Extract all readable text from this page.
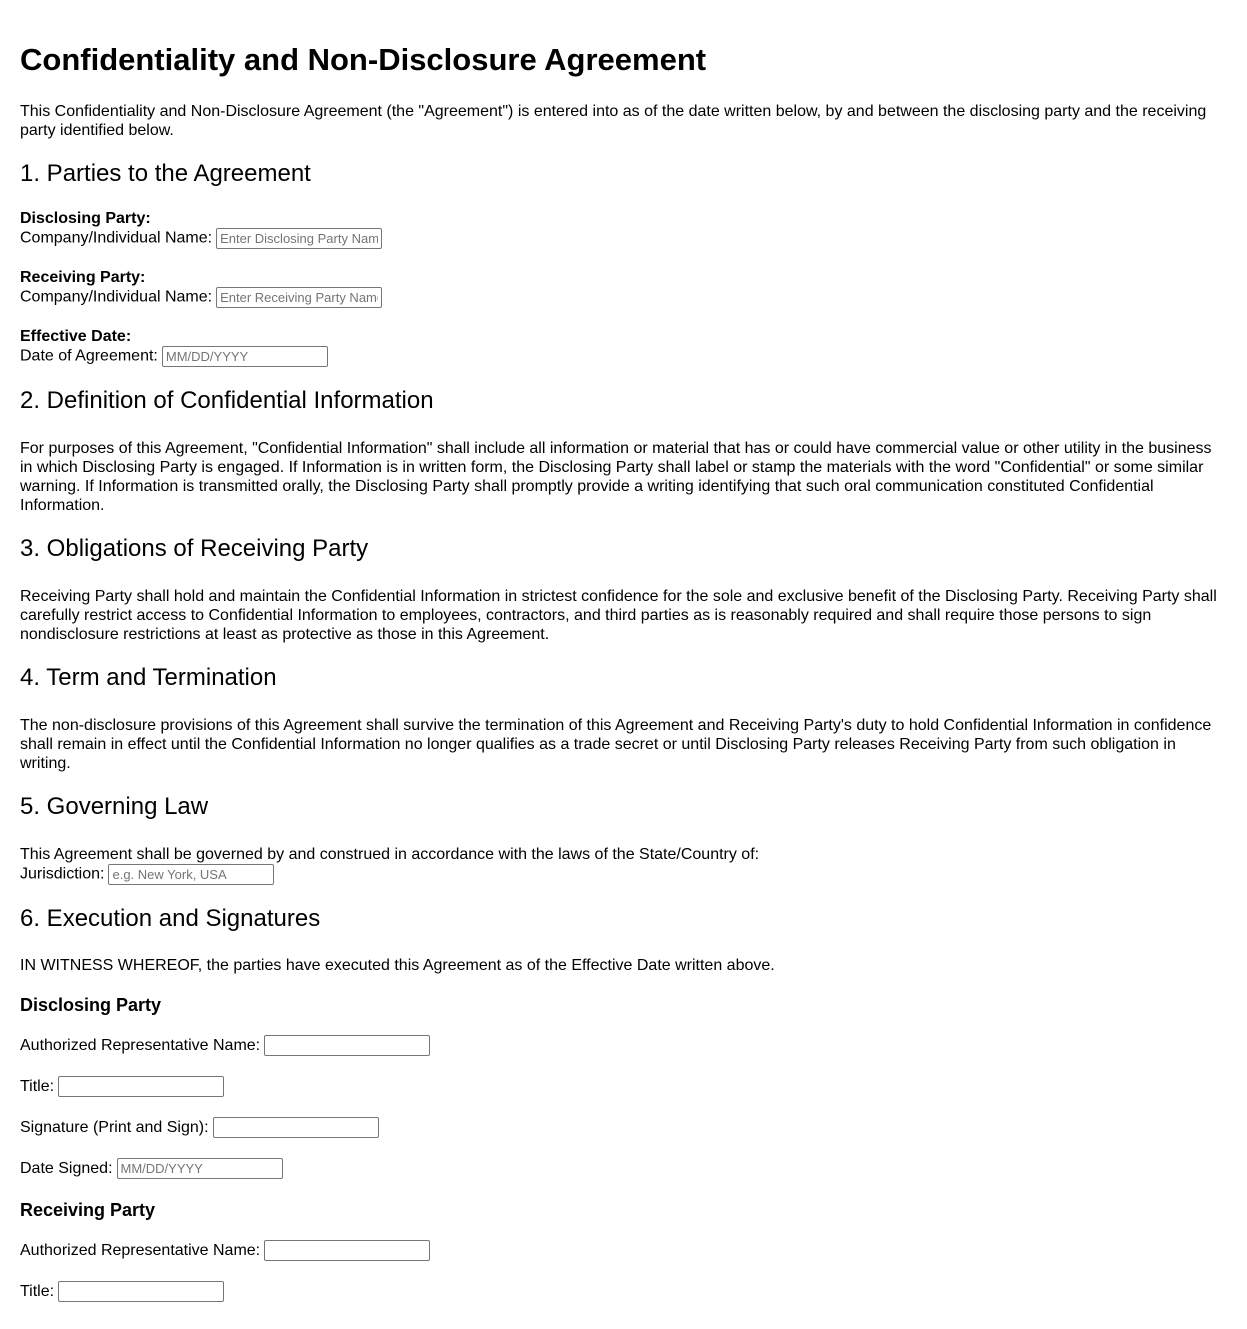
Confidentiality and Non-Disclosure Agreement

This Confidentiality and Non-Disclosure Agreement (the "Agreement") is entered into as of the date written below, by and between the disclosing party and the receiving party identified below.

1. Parties to the Agreement
Disclosing Party:
Company/Individual Name:Enter Disclosing Party Name
Receiving Party:
Company/Individual Name:Enter Receiving Party Name
Effective Date:
Date of Agreement:MM/DD/YYYY
2. Definition of Confidential Information

For purposes of this Agreement, "Confidential Information" shall include all information or material that has or could have commercial value or other utility in the business in which Disclosing Party is engaged. If Information is in written form, the Disclosing Party shall label or stamp the materials with the word "Confidential" or some similar warning. If Information is transmitted orally, the Disclosing Party shall promptly provide a writing identifying that such oral communication constituted Confidential Information.

3. Obligations of Receiving Party

Receiving Party shall hold and maintain the Confidential Information in strictest confidence for the sole and exclusive benefit of the Disclosing Party. Receiving Party shall carefully restrict access to Confidential Information to employees, contractors, and third parties as is reasonably required and shall require those persons to sign nondisclosure restrictions at least as protective as those in this Agreement.

4. Term and Termination

The non-disclosure provisions of this Agreement shall survive the termination of this Agreement and Receiving Party's duty to hold Confidential Information in confidence shall remain in effect until the Confidential Information no longer qualifies as a trade secret or until Disclosing Party releases Receiving Party from such obligation in writing.

5. Governing Law
This Agreement shall be governed by and construed in accordance with the laws of the State/Country of:
Jurisdiction:e.g. New York, USA
6. Execution and Signatures

IN WITNESS WHEREOF, the parties have executed this Agreement as of the Effective Date written above.

Disclosing Party
Authorized Representative Name:
Title:
Signature (Print and Sign):
Date Signed:MM/DD/YYYY
Receiving Party
Authorized Representative Name:
Title:
